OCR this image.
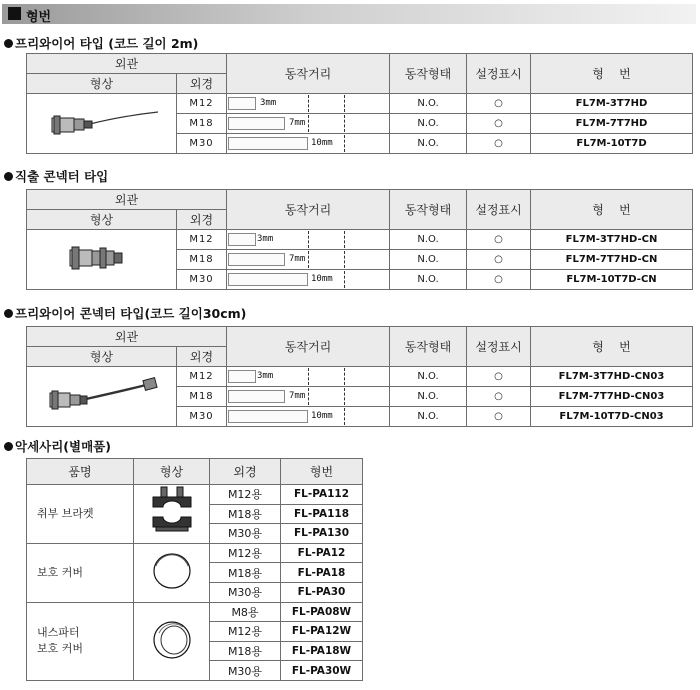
형번
프리와이어 타입 (코드 길이 2m)
외관		동작거리	동작형태	설정표시	형    번
형상	외경				
	M12	3mm	N.O.	○	FL7M-3T7HD
	M18	7mm	N.O.	○	FL7M-7T7HD
	M30	10mm	N.O.	○	FL7M-10T7D
직출 콘넥터 타입
외관		동작거리	동작형태	설정표시	형    번
형상	외경				
	M12	3mm	N.O.	○	FL7M-3T7HD-CN
	M18	7mm	N.O.	○	FL7M-7T7HD-CN
	M30	10mm	N.O.	○	FL7M-10T7D-CN
프리와이어 콘넥터 타입(코드 길이30cm)
외관		동작거리	동작형태	설정표시	형    번
형상	외경				
	M12	3mm	N.O.	○	FL7M-3T7HD-CN03
	M18	7mm	N.O.	○	FL7M-7T7HD-CN03
	M30	10mm	N.O.	○	FL7M-10T7D-CN03
악세사리(별매품)
품명	형상	외경	형번
취부 브라켓		M12용	FL-PA112
		M18용	FL-PA118
		M30용	FL-PA130
보호 커버		M12용	FL-PA12
		M18용	FL-PA18
		M30용	FL-PA30
내스파터
보호 커버		M8용	FL-PA08W
		M12용	FL-PA12W
		M18용	FL-PA18W
		M30용	FL-PA30W
